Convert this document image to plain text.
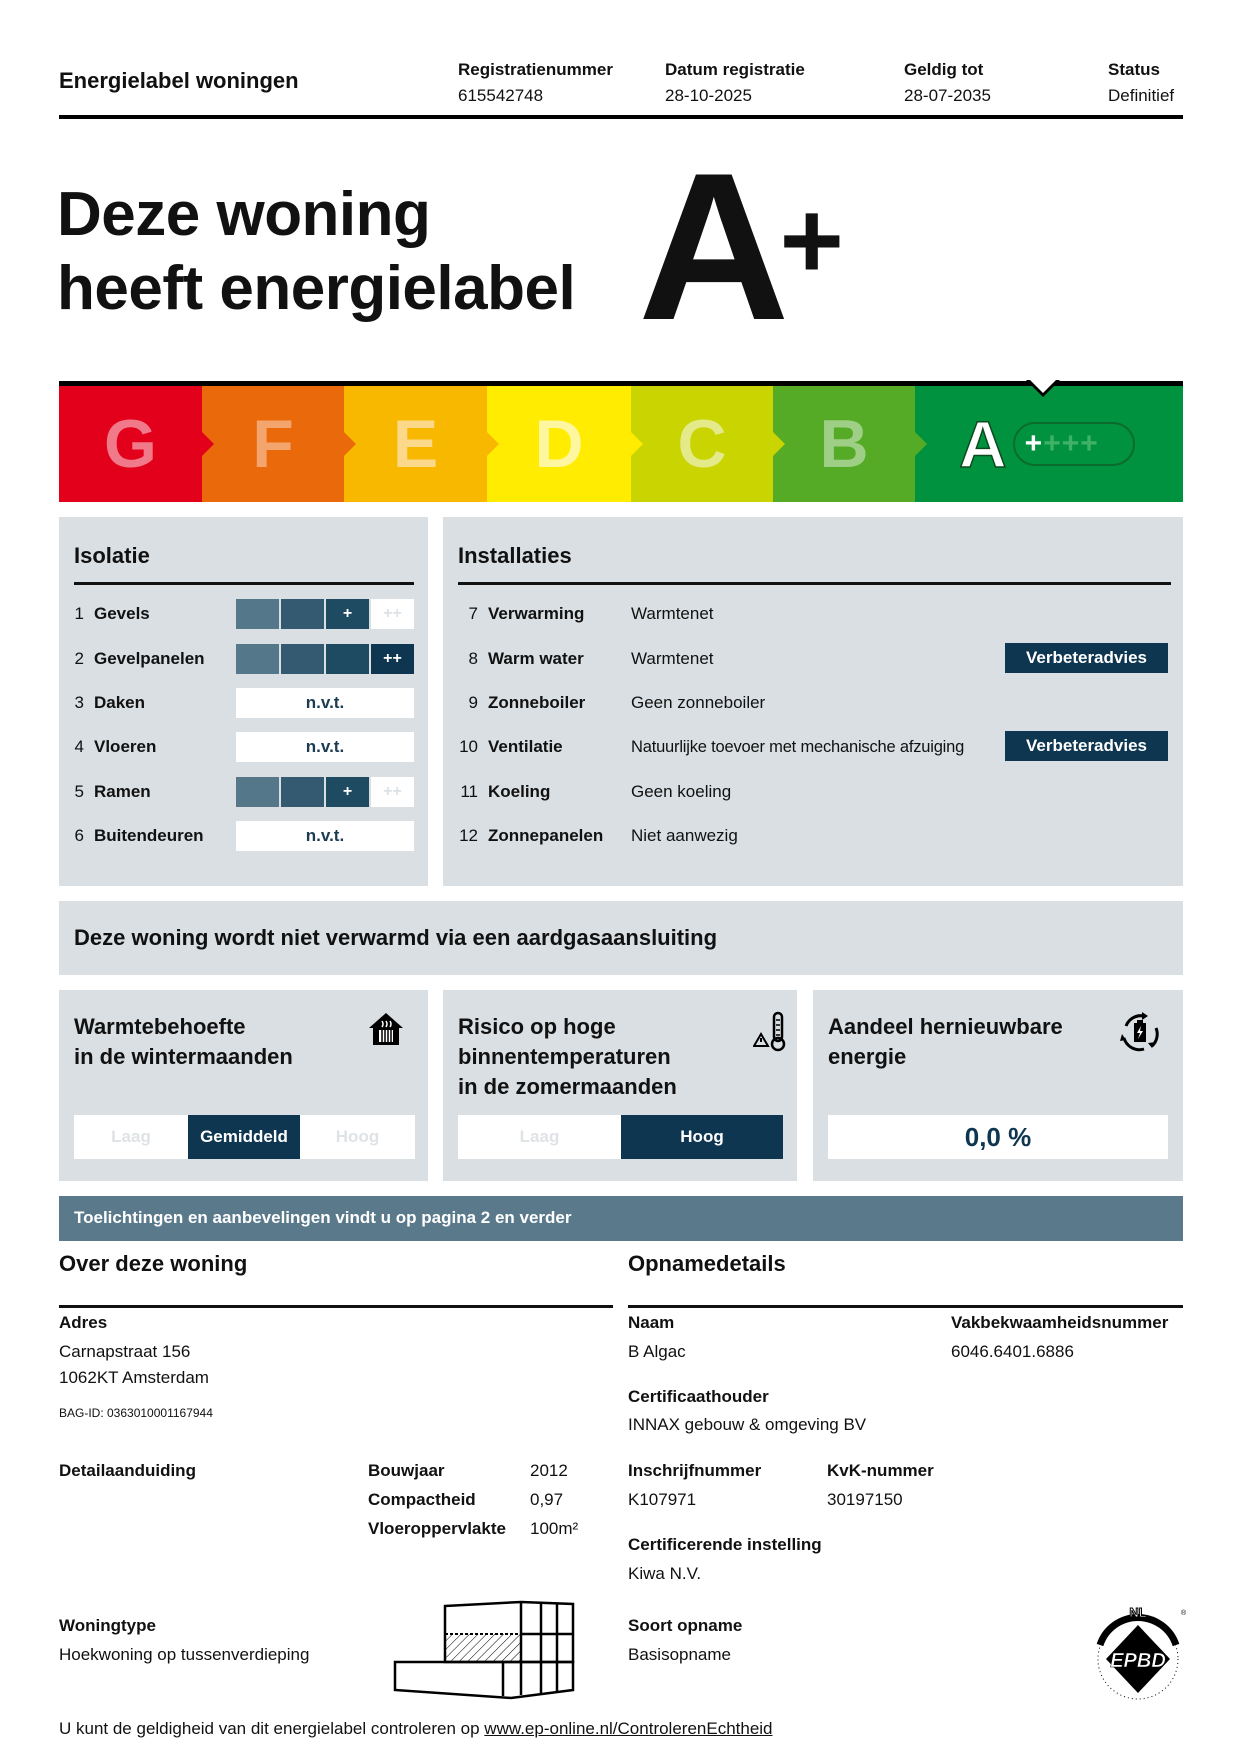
Energielabel woningen	Registratienummer
615542748
Datum registratie
28-10-2025
Geldig tot
28-07-2035
Status
Definitief
Deze woning
heeft energielabel A+
G F E D C B A + + + +
Isolatie
1 Gevels	+	++
2 Gevelpanelen	++
3 Daken	n.v.t.
4 Vloeren	n.v.t.
5 Ramen	+	++
6 Buitendeuren	n.v.t.
Installaties
7 Verwarming	Warmtenet
8 Warm water	Warmtenet	Verbeteradvies
9 Zonneboiler	Geen zonneboiler
10 Ventilatie	Natuurlijke toevoer met mechanische afzuiging	Verbeteradvies
11 Koeling	Geen koeling
12 Zonnepanelen	Niet aanwezig
Deze woning wordt niet verwarmd via een aardgasaansluiting
Warmtebehoefte
in de wintermaanden
Laag	Gemiddeld	Hoog
Risico op hoge
binnentemperaturen
in de zomermaanden
Laag	Hoog
Aandeel hernieuwbare
energie
0,0 %
Toelichtingen en aanbevelingen vindt u op pagina 2 en verder
Over deze woning
Adres
Carnapstraat 156
1062KT Amsterdam
BAG-ID: 0363010001167944
Detailaanduiding	Bouwjaar	2012
Compactheid	0,97
Vloeroppervlakte 100m²
Woningtype
Hoekwoning op tussenverdieping
Opnamedetails
Naam
B Algac
Vakbekwaamheidsnummer
6046.6401.6886
Certificaathouder
INNAX gebouw & omgeving BV
Inschrijfnummer
K107971
KvK-nummer
30197150
Certificerende instelling
Kiwa N.V.
Soort opname
Basisopname	EPBD
NL	®
U kunt de geldigheid van dit energielabel controleren op www.ep-online.nl/ControlerenEchtheid
